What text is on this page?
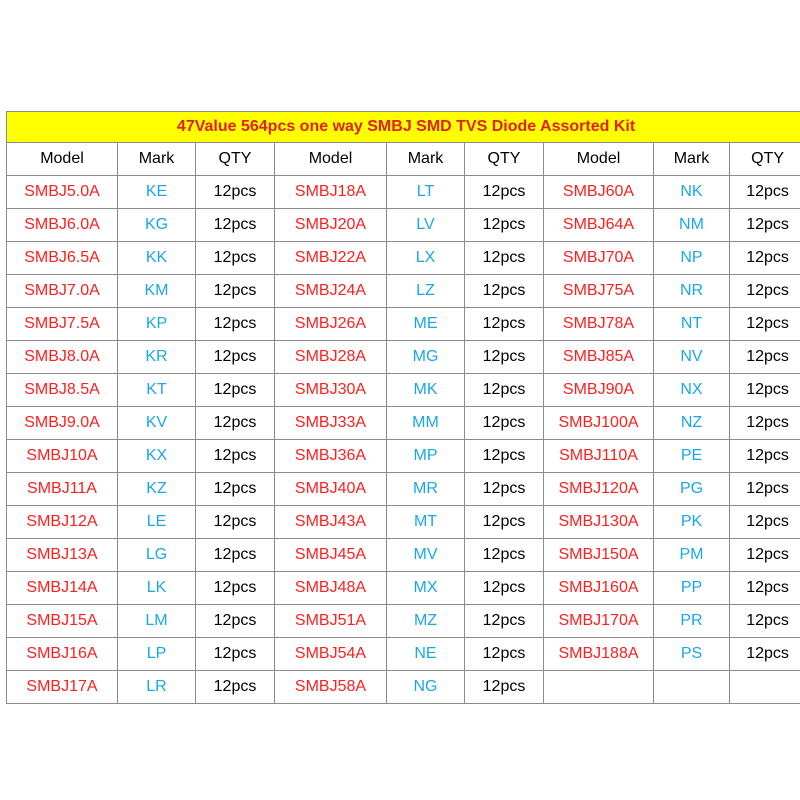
47Value 564pcs one way SMBJ SMD TVS Diode Assorted Kit								
Model	Mark	QTY	Model	Mark	QTY	Model	Mark	QTY
SMBJ5.0A	KE	12pcs	SMBJ18A	LT	12pcs	SMBJ60A	NK	12pcs
SMBJ6.0A	KG	12pcs	SMBJ20A	LV	12pcs	SMBJ64A	NM	12pcs
SMBJ6.5A	KK	12pcs	SMBJ22A	LX	12pcs	SMBJ70A	NP	12pcs
SMBJ7.0A	KM	12pcs	SMBJ24A	LZ	12pcs	SMBJ75A	NR	12pcs
SMBJ7.5A	KP	12pcs	SMBJ26A	ME	12pcs	SMBJ78A	NT	12pcs
SMBJ8.0A	KR	12pcs	SMBJ28A	MG	12pcs	SMBJ85A	NV	12pcs
SMBJ8.5A	KT	12pcs	SMBJ30A	MK	12pcs	SMBJ90A	NX	12pcs
SMBJ9.0A	KV	12pcs	SMBJ33A	MM	12pcs	SMBJ100A	NZ	12pcs
SMBJ10A	KX	12pcs	SMBJ36A	MP	12pcs	SMBJ110A	PE	12pcs
SMBJ11A	KZ	12pcs	SMBJ40A	MR	12pcs	SMBJ120A	PG	12pcs
SMBJ12A	LE	12pcs	SMBJ43A	MT	12pcs	SMBJ130A	PK	12pcs
SMBJ13A	LG	12pcs	SMBJ45A	MV	12pcs	SMBJ150A	PM	12pcs
SMBJ14A	LK	12pcs	SMBJ48A	MX	12pcs	SMBJ160A	PP	12pcs
SMBJ15A	LM	12pcs	SMBJ51A	MZ	12pcs	SMBJ170A	PR	12pcs
SMBJ16A	LP	12pcs	SMBJ54A	NE	12pcs	SMBJ188A	PS	12pcs
SMBJ17A	LR	12pcs	SMBJ58A	NG	12pcs			
